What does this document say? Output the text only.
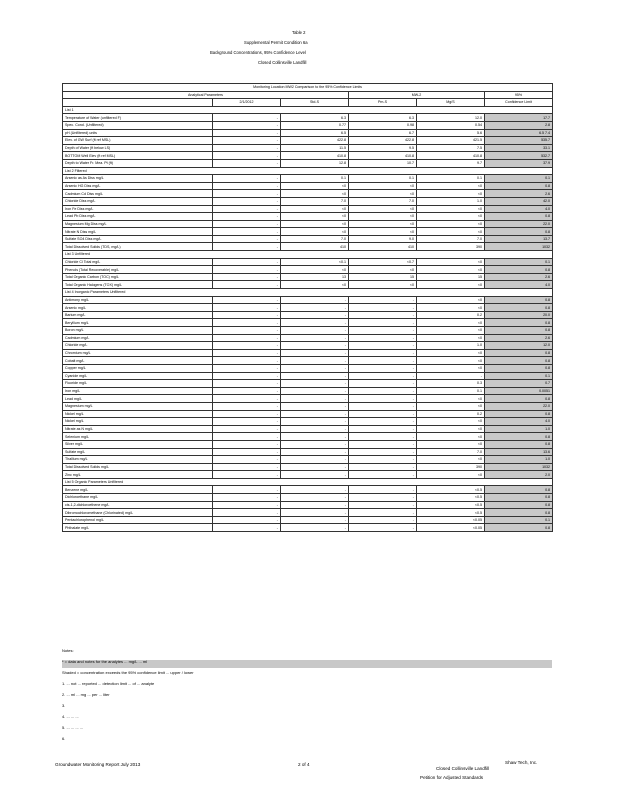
Table 2
Supplemental Permit Condition 6a
Background Concentrations, 95% Confidence Level
Closed Collinsville Landfill
Monitoring Location MW2 Comparison to the 95% Confidence Limits					
Analytical Parameters			MW-2		95%
	2/1/2012	Std-S	Pm-S	Mg/S	Confidence Limit
List 1					
Temperature of Water (unfiltered F)	-	6.3	6.3	12.0	17.7
Spec. Cond. (Unfiltered)	-	0.77	0.98	0.54	2.8
pH (Unfiltered) units	-	6.5	6.7	5.6	6.5 7.4
Elev. of GW Surf (ft ref MSL)	-	422.8	422.8	421.5	535.7
Depth of Water (ft below LS)	-	11.5	9.5	7.5	33.1
BOTTOM Well Elev (ft ref MSL)	-	410.8	410.8	410.8	532.7
Depth to Water Fr. Mea. Pt (ft)	-	12.8	10.7	9.7	37.9
List 2 Filtered					
Arsenic as As Diss mg/L	-	0.1	0.1	0.1	0.1
Arsenic HG Diss mg/L	-	<0	<0	<0	0.8
Cadmium Cd Diss mg/L	-	<0	<0	<0	2.6
Chloride Diss mg/L	-	7.0	7.0	1.0	42.0
Iron Fe Diss mg/L	-	<0	<0	<0	4.0
Lead Pb Diss mg/L	-	<0	<0	<0	0.8
Magnesium Mg Diss mg/L	-	<0	<0	<0	22.0
Nitrate N Diss mg/L	-	<0	<0	<0	0.8
Sulfate SO4 Diss mg/L	-	7.0	9.0	7.0	13.7
Total Dissolved Solids (TDS, mg/L)	-	410	410	390	1032
List 3 Unfiltered					
Chloride Cl Total mg/L	-	<0.1	<0.7	<0	0.1
Phenols (Total Recoverable) mg/L	-	<0	<0	<0	0.8
Total Organic Carbon (TOC) mg/L	-	13	15	15	2.6
Total Organic Halogens (TOX) mg/L	-	<0	<0	<0	4.0
List 4 Inorganic Parameters Unfiltered					
Antimony mg/L	-	-	-	<0	0.8
Arsenic mg/L	-	-	-	<0	0.8
Barium mg/L	-	-	-	0.2	20.0
Beryllium mg/L	-	-	-	<0	0.8
Boron mg/L	-	-	-	<0	0.8
Cadmium mg/L	-	-	-	<0	2.6
Chloride mg/L	-	-	-	1.0	12.0
Chromium mg/L	-	-	-	<0	0.8
Cobalt mg/L	-	-	-	<0	0.8
Copper mg/L	-	-	-	<0	0.8
Cyanide mg/L	-	-	-	-	0.1
Fluoride mg/L	-	-	-	0.3	0.7
Iron mg/L	-	-	-	0.1	0.0051
Lead mg/L	-	-	-	<0	0.8
Magnesium mg/L	-	-	-	<0	22.0
Nickel mg/L	-	-	-	0.2	0.8
Nickel mg/L	-	-	-	<0	4.0
Nitrate as N mg/L	-	-	-	<0	1.0
Selenium mg/L	-	-	-	<0	0.8
Silver mg/L	-	-	-	<0	0.8
Sulfate mg/L	-	-	-	7.0	13.6
Thallium mg/L	-	-	-	<0	1.0
Total Dissolved Solids mg/L	-	-	-	390	1032
Zinc mg/L	-	-	-	<0	2.0
List 5 Organic Parameters Unfiltered					
Benzene mg/L	-	-	-	<0.5	0.8
Dichloroethane mg/L	-	-	-	<0.5	0.8
cis-1,2-dichloroethene mg/L	-	-	-	<0.5	0.8
Dibromochloromethane (Chlorinated) mg/L	-	-	-	<0.5	0.8
Pentachlorophenol mg/L	-	-	-	<0.05	0.1
Phthalate mg/L	-	-	-	<0.05	0.8
Notes:
* = data and notes for the analytes ... mg/L ... ml
Shaded = concentration exceeds the 95% confidence limit ... upper / lower
1. ... not ... reported ... detection limit ... of ... analyte
2. ... ml ... mg ... per ... liter
3.
4. ... ... ...
5. ... ... ... ...
6.
Groundwater Monitoring Report July 2013	2 of 4	Shaw Tech, Inc.
Closed Collinsville Landfill
Petition for Adjusted Standards
